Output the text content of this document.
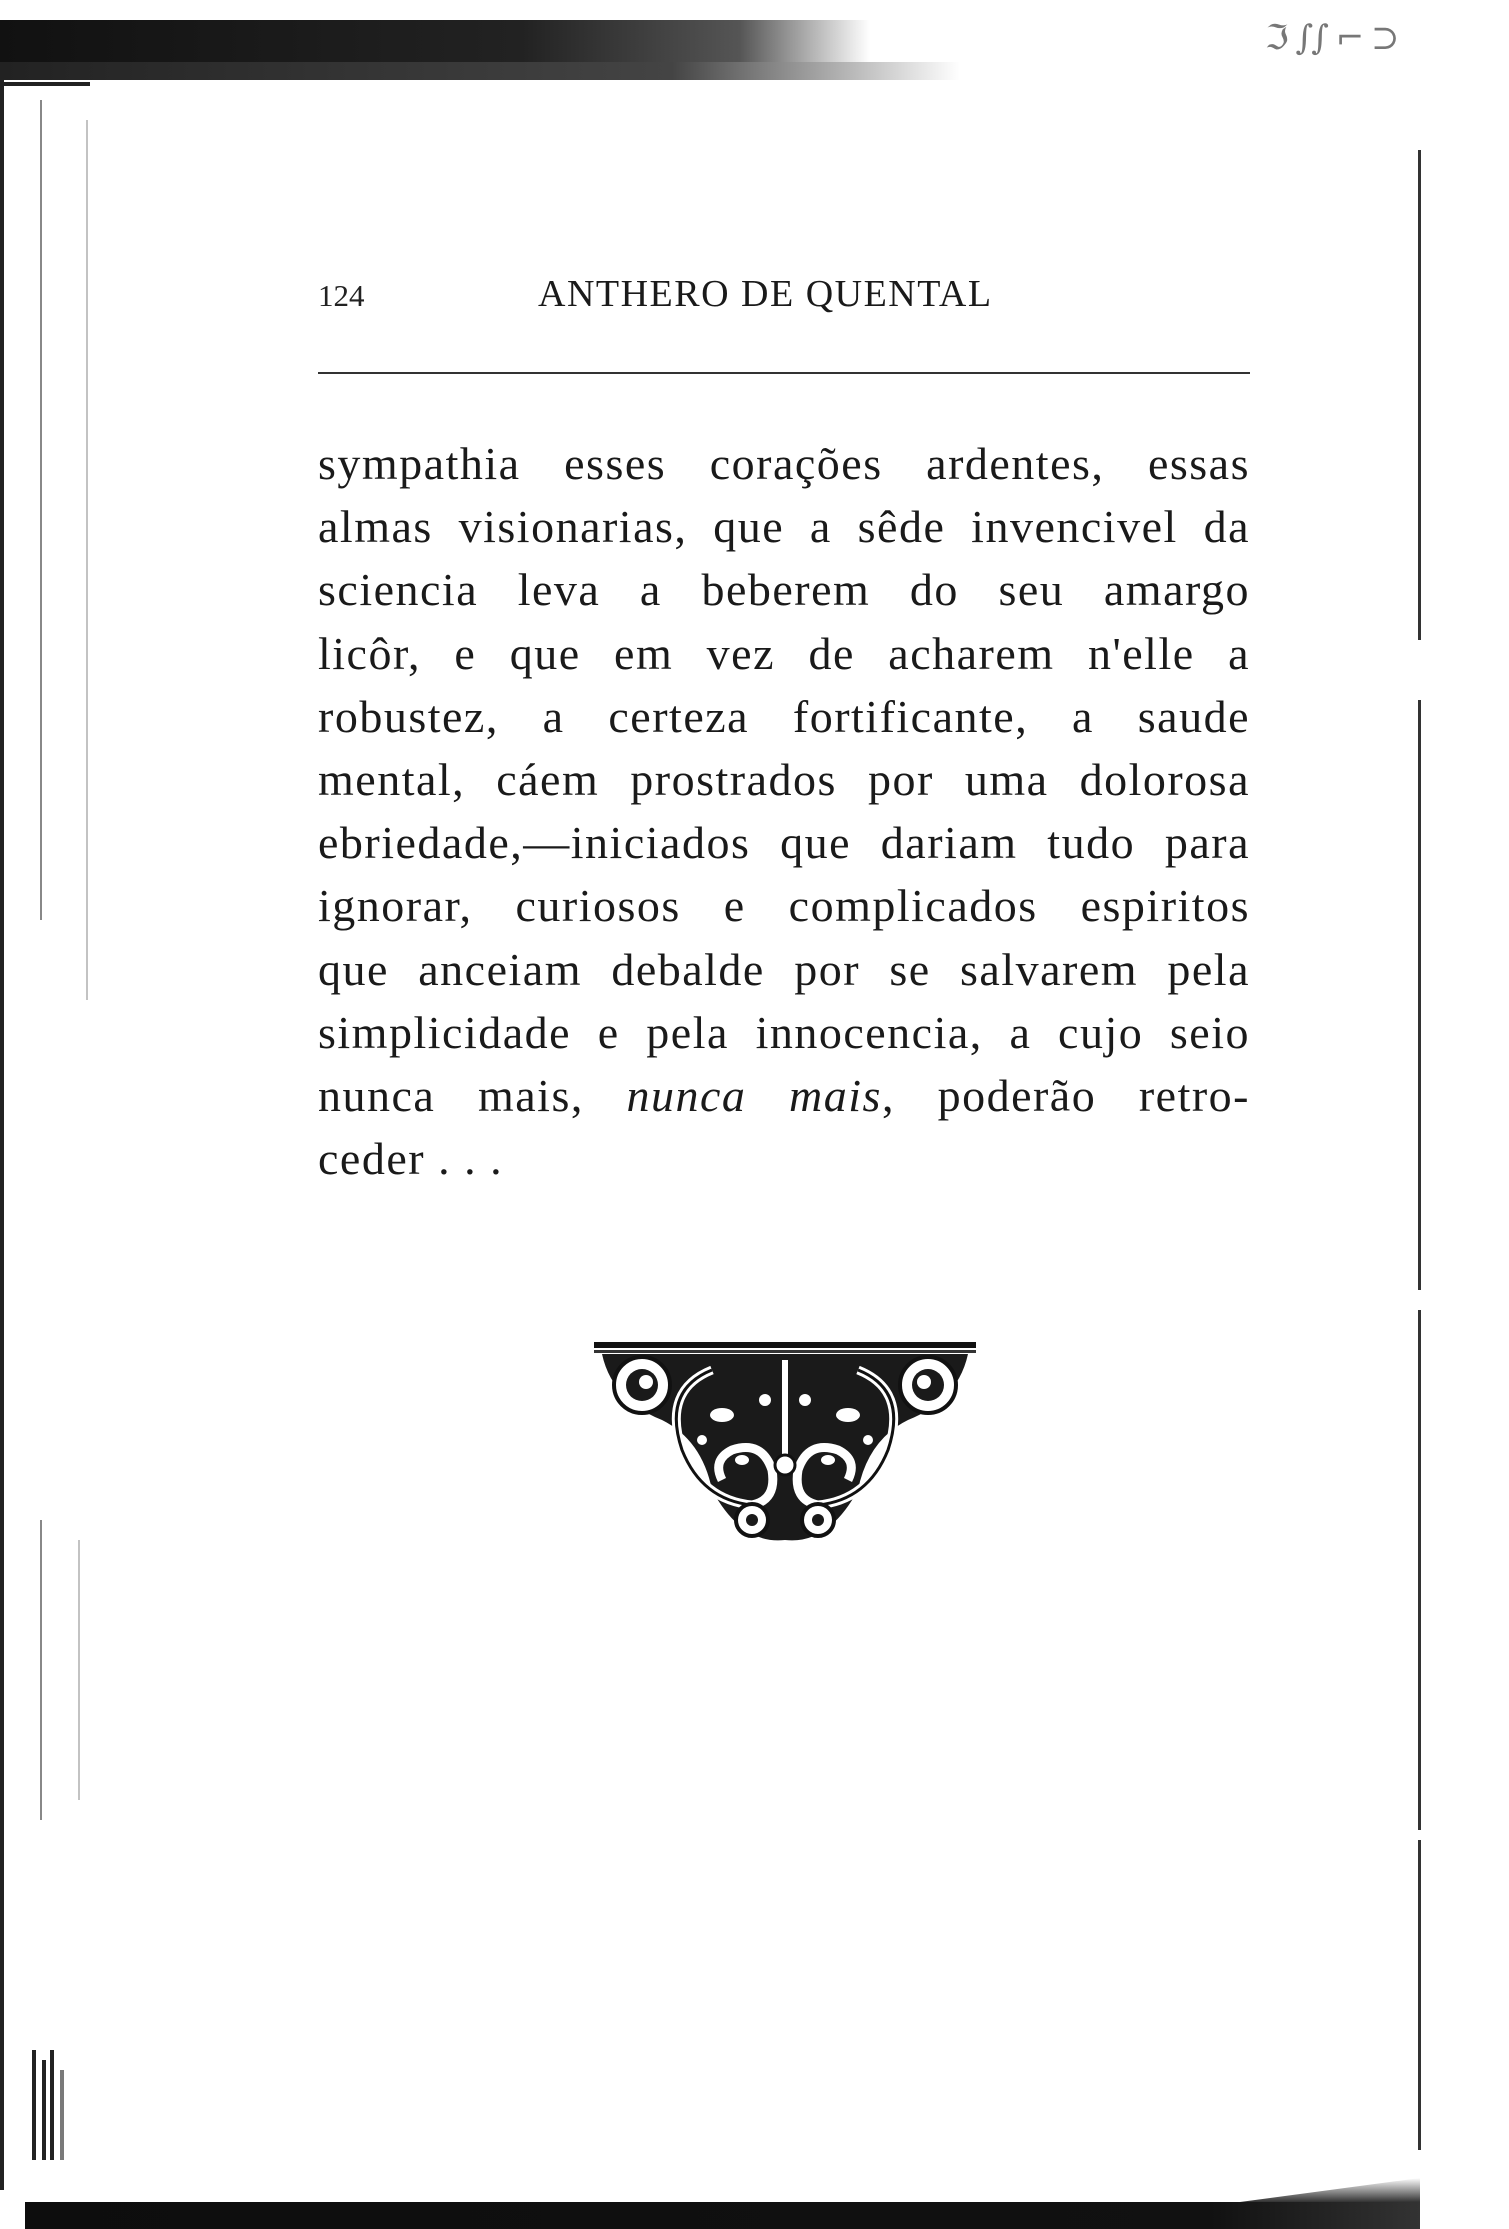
ℑ ∫∫ ⌐ ⊃
124	ANTHERO DE QUENTAL
sympathia esses corações ardentes, essas
almas visionarias, que a sêde invencivel da
sciencia leva a beberem do seu amargo
licôr, e que em vez de acharem n'elle a
robustez, a certeza fortificante, a saude
mental, cáem prostrados por uma dolorosa
ebriedade,—iniciados que dariam tudo para
ignorar, curiosos e complicados espiritos
que anceiam debalde por se salvarem pela
simplicidade e pela innocencia, a cujo seio
nunca mais, nunca mais, poderão retro-
ceder . . .
